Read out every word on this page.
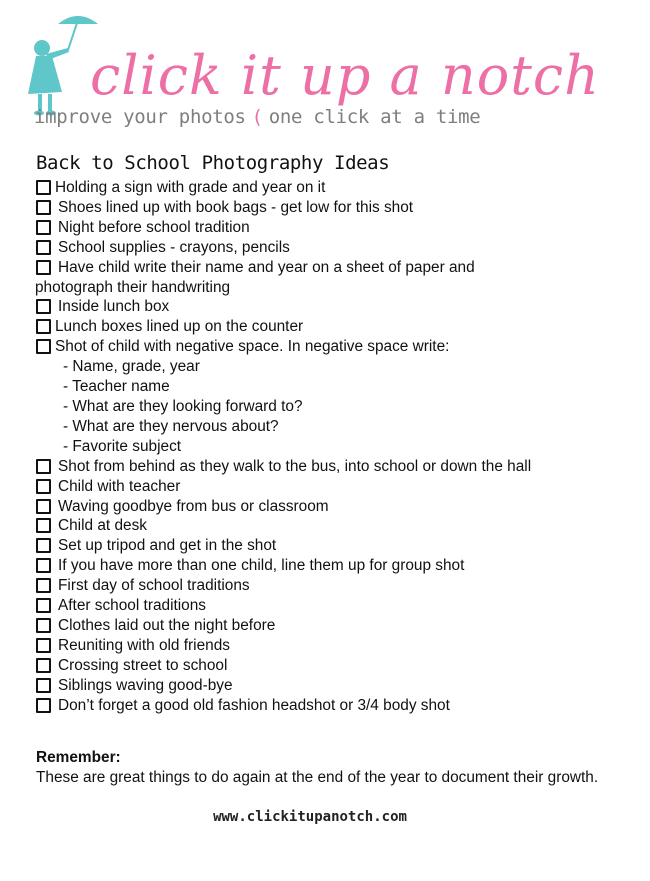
click it up a notch
improve your photos ( one click at a time
Back to School Photography Ideas
Holding a sign with grade and year on it
Shoes lined up with book bags - get low for this shot
Night before school tradition
School supplies - crayons, pencils
Have child write their name and year on a sheet of paper and
photograph their handwriting
Inside lunch box
Lunch boxes lined up on the counter
Shot of child with negative space. In negative space write:
- Name, grade, year
- Teacher name
- What are they looking forward to?
- What are they nervous about?
- Favorite subject
Shot from behind as they walk to the bus, into school or down the hall
Child with teacher
Waving goodbye from bus or classroom
Child at desk
Set up tripod and get in the shot
If you have more than one child, line them up for group shot
First day of school traditions
After school traditions
Clothes laid out the night before
Reuniting with old friends
Crossing street to school
Siblings waving good-bye
Don’t forget a good old fashion headshot or 3/4 body shot
Remember:
These are great things to do again at the end of the year to document their growth.
www.clickitupanotch.com
